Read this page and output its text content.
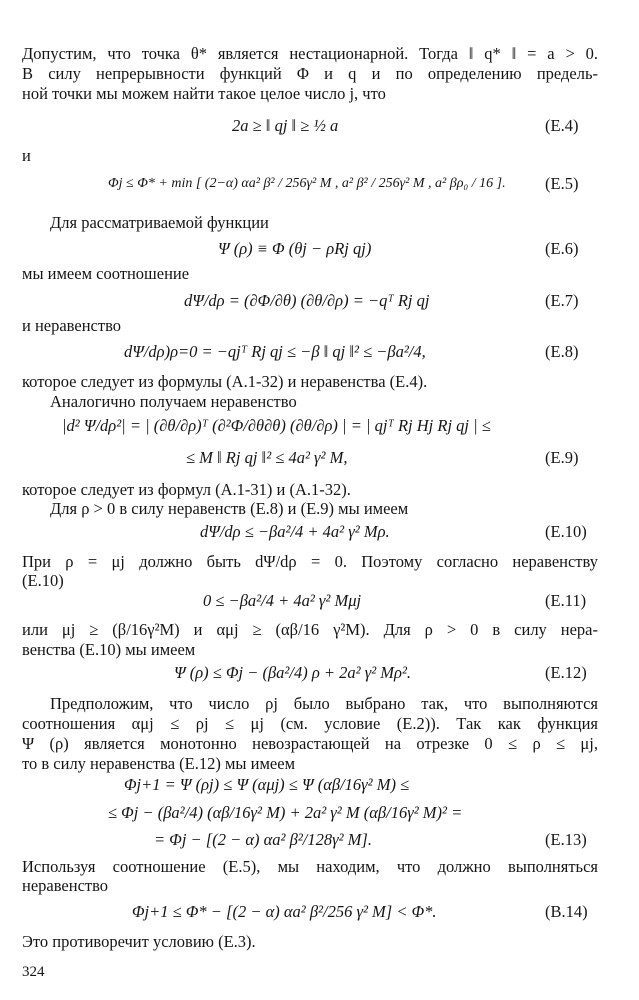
Допустим, что точка θ* является нестационарной. Тогда ‖ q* ‖ = a > 0.
В силу непрерывности функций Φ и q и по определению предель-
ной точки мы можем найти такое целое число j, что
2a ≥ ‖ qj ‖ ≥ ½ a	(Е.4)
и
Φj ≤ Φ* + min [ (2−α) αa² β² / 256γ² M , a² β² / 256γ² M , a² βρ₀ / 16 ]. (Е.5)
Для рассматриваемой функции
Ψ (ρ) ≡ Φ (θj − ρRj qj)	(Е.6)
мы имеем соотношение
dΨ/dρ = (∂Φ/∂θ) (∂θ/∂ρ) = −qᵀ Rj qj	(Е.7)
и неравенство
dΨ/dρ)ρ=0 = −qjᵀ Rj qj ≤ −β ‖ qj ‖² ≤ −βa²/4,	(Е.8)
которое следует из формулы (А.1-32) и неравенства (Е.4).
Аналогично получаем неравенство
|d² Ψ/dρ²| = | (∂θ/∂ρ)ᵀ (∂²Φ/∂θ∂θ) (∂θ/∂ρ) | = | qjᵀ Rj Hj Rj qj | ≤
≤ M ‖ Rj qj ‖² ≤ 4a² γ² M,	(Е.9)
которое следует из формул (А.1-31) и (А.1-32).
Для ρ > 0 в силу неравенств (Е.8) и (Е.9) мы имеем
dΨ/dρ ≤ −βa²/4 + 4a² γ² Mρ.	(Е.10)
При ρ = μj должно быть dΨ/dρ = 0. Поэтому согласно неравенству
(Е.10)
0 ≤ −βa²/4 + 4a² γ² Mμj	(Е.11)
или μj ≥ (β/16γ²M) и αμj ≥ (αβ/16 γ²M). Для ρ > 0 в силу нера-
венства (Е.10) мы имеем
Ψ (ρ) ≤ Φj − (βa²/4) ρ + 2a² γ² Mρ².	(Е.12)
Предположим, что число ρj было выбрано так, что выполняются
соотношения αμj ≤ ρj ≤ μj (см. условие (Е.2)). Так как функция
Ψ (ρ) является монотонно невозрастающей на отрезке 0 ≤ ρ ≤ μj,
то в силу неравенства (Е.12) мы имеем
Φj+1 = Ψ (ρj) ≤ Ψ (αμj) ≤ Ψ (αβ/16γ² M) ≤
≤ Φj − (βa²/4) (αβ/16γ² M) + 2a² γ² M (αβ/16γ² M)² =
= Φj − [(2 − α) αa² β²/128γ² M].	(Е.13)
Используя соотношение (Е.5), мы находим, что должно выполняться
неравенство
Φj+1 ≤ Φ* − [(2 − α) αa² β²/256 γ² M] < Φ*.	(В.14)
Это противоречит условию (Е.3).
324
